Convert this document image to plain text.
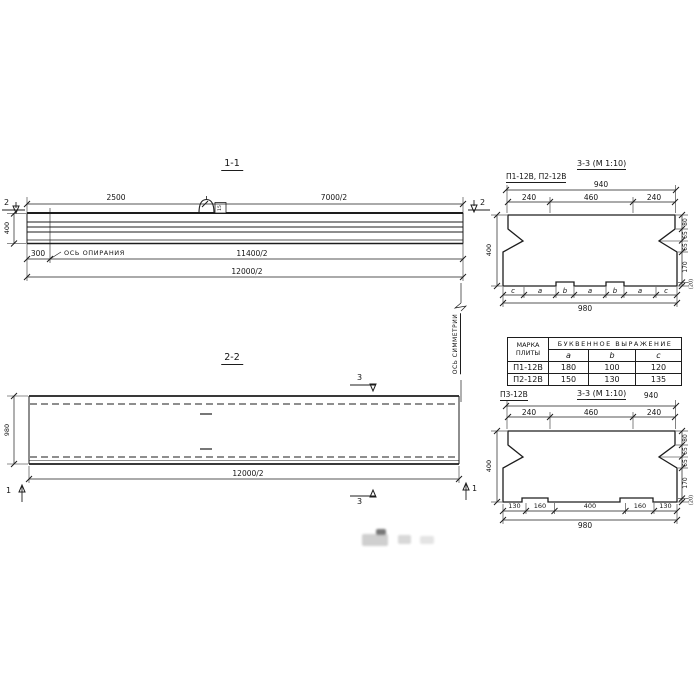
1-1
2	2
2500	7000/2
400
300	ОСЬ ОПИРАНИЯ	11400/2
12000/2
15
ОСЬ СИММЕТРИИ
2-2
3
3
1	1
980
12000/2
П1-12В, П2-12В
3-3 (М 1:10)
940
240	460	240
400
80
65
65
170
(20)
c	a	b	a	b	a	c
980
МАРКА ПЛИТЫ	БУКВЕННОЕ ВЫРАЖЕНИЕ		
	a	b	c
П1-12В	180	100	120
П2-12В	150	130	135
П3-12В	3-3 (М 1:10) 940
240	460	240
400
80
65
65
170
(20)
130 160	400	160 130
980
